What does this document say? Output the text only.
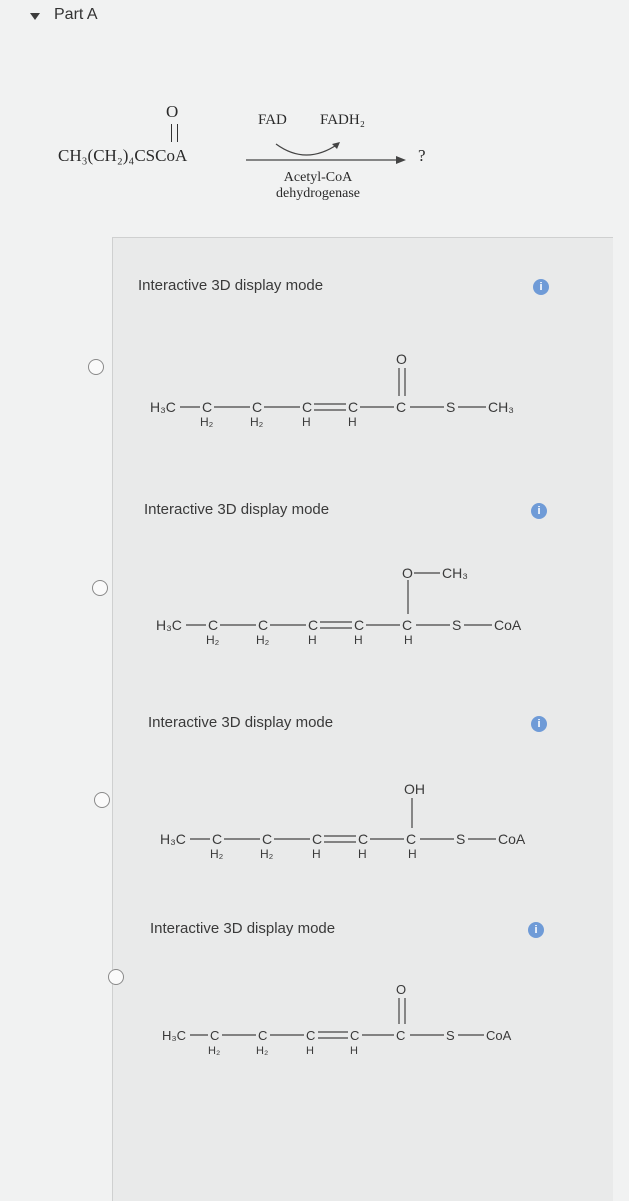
Part A
O
CH₃(CH₂)₄CSCoA
FAD FADH₂
?
Acetyl-CoA
dehydrogenase
Interactive 3D display mode	i
H₃C C
H₂
C
H₂
C
H
C
H
C
O
S CH₃
Interactive 3D display mode	i
H₃C C
H₂
C
H₂
C
H
C
H
C
H
O CH₃
S CoA
Interactive 3D display mode	i
H₃C C
H₂
C
H₂
C
H
C
H
C
H
OH
S CoA
Interactive 3D display mode	i
H₃C C
H₂
C
H₂
C
H
C
H
C
O
S CoA
